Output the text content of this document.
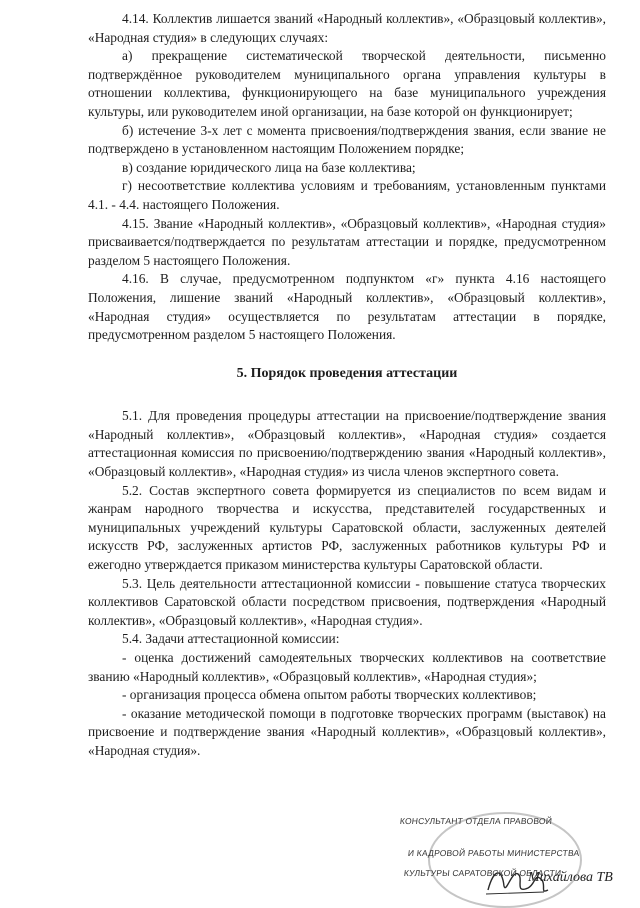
4.14. Коллектив лишается званий «Народный коллектив», «Образцовый коллектив», «Народная студия» в следующих случаях:

а) прекращение систематической творческой деятельности, письменно подтверждённое руководителем муниципального органа управления культуры в отношении коллектива, функционирующего на базе муниципального учреждения культуры, или руководителем иной организации, на базе которой он функционирует;

б) истечение 3-х лет с момента присвоения/подтверждения звания, если звание не подтверждено в установленном настоящим Положением порядке;

в) создание юридического лица на базе коллектива;

г) несоответствие коллектива условиям и требованиям, установленным пунктами 4.1. - 4.4. настоящего Положения.

4.15. Звание «Народный коллектив», «Образцовый коллектив», «Народная студия» присваивается/подтверждается по результатам аттестации и порядке, предусмотренном разделом 5 настоящего Положения.

4.16. В случае, предусмотренном подпунктом «г» пункта 4.16 настоящего Положения, лишение званий «Народный коллектив», «Образцовый коллектив», «Народная студия» осуществляется по результатам аттестации в порядке, предусмотренном разделом 5 настоящего Положения.

5. Порядок проведения аттестации

5.1. Для проведения процедуры аттестации на присвоение/подтверждение звания «Народный коллектив», «Образцовый коллектив», «Народная студия» создается аттестационная комиссия по присвоению/подтверждению звания «Народный коллектив», «Образцовый коллектив», «Народная студия» из числа членов экспертного совета.

5.2. Состав экспертного совета формируется из специалистов по всем видам и жанрам народного творчества и искусства, представителей государственных и муниципальных учреждений культуры Саратовской области, заслуженных деятелей искусств РФ, заслуженных артистов РФ, заслуженных работников культуры РФ и ежегодно утверждается приказом министерства культуры Саратовской области.

5.3. Цель деятельности аттестационной комиссии - повышение статуса творческих коллективов Саратовской области посредством присвоения, подтверждения «Народный коллектив», «Образцовый коллектив», «Народная студия».

5.4. Задачи аттестационной комиссии:

- оценка достижений самодеятельных творческих коллективов на соответствие званию «Народный коллектив», «Образцовый коллектив», «Народная студия»;

- организация процесса обмена опытом работы творческих коллективов;

- оказание методической помощи в подготовке творческих программ (выставок) на присвоение и подтверждение звания «Народный коллектив», «Образцовый коллектив», «Народная студия».

КОНСУЛЬТАНТ ОТДЕЛА ПРАВОВОЙ
И КАДРОВОЙ РАБОТЫ МИНИСТЕРСТВА
КУЛЬТУРЫ САРАТОВСКОЙ ОБЛАСТИ
Михайлова ТВ
